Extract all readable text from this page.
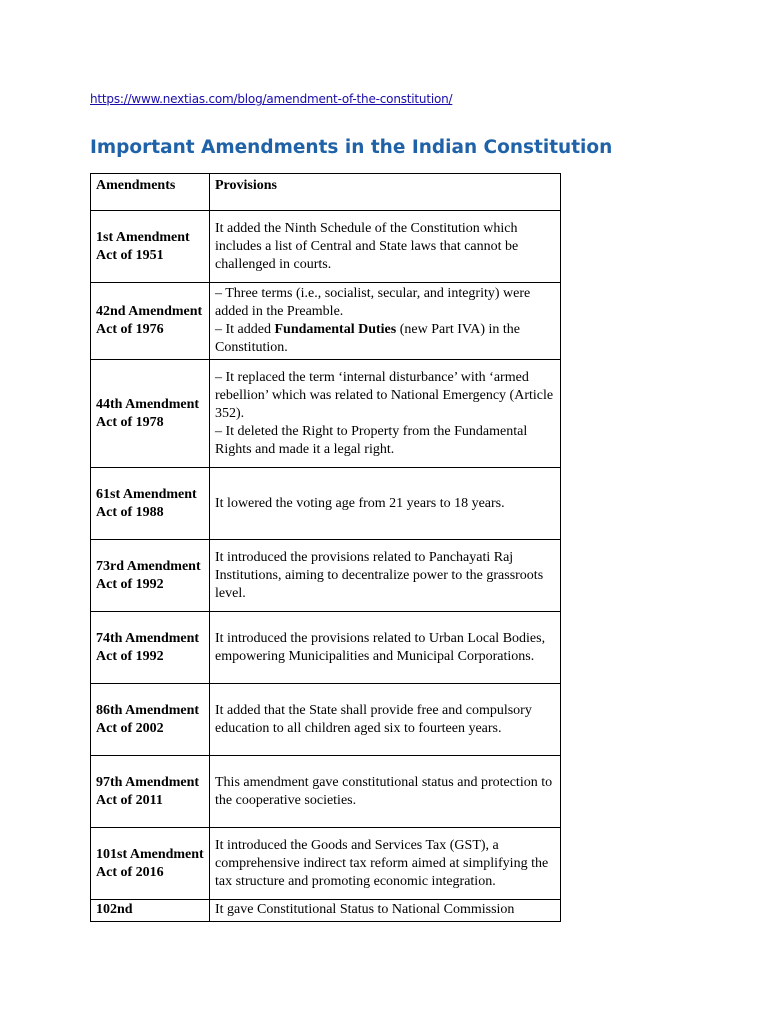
https://www.nextias.com/blog/amendment-of-the-constitution/
Important Amendments in the Indian Constitution
Amendments	Provisions
1st Amendment Act of 1951	It added the Ninth Schedule of the Constitution which includes a list of Central and State laws that cannot be challenged in courts.
42nd Amendment Act of 1976	– Three terms (i.e., socialist, secular, and integrity) were added in the Preamble.
– It added Fundamental Duties (new Part IVA) in the Constitution.

44th Amendment Act of 1978	– It replaced the term ‘internal disturbance’ with ‘armed rebellion’ which was related to National Emergency (Article 352).
– It deleted the Right to Property from the Fundamental Rights and made it a legal right.

61st Amendment Act of 1988	It lowered the voting age from 21 years to 18 years.
73rd Amendment Act of 1992	It introduced the provisions related to Panchayati Raj Institutions, aiming to decentralize power to the grassroots level.
74th Amendment Act of 1992	It introduced the provisions related to Urban Local Bodies, empowering Municipalities and Municipal Corporations.
86th Amendment Act of 2002	It added that the State shall provide free and compulsory education to all children aged six to fourteen years.
97th Amendment Act of 2011	This amendment gave constitutional status and protection to the cooperative societies.
101st Amendment Act of 2016	It introduced the Goods and Services Tax (GST), a comprehensive indirect tax reform aimed at simplifying the tax structure and promoting economic integration.
102nd	It gave Constitutional Status to National Commission
